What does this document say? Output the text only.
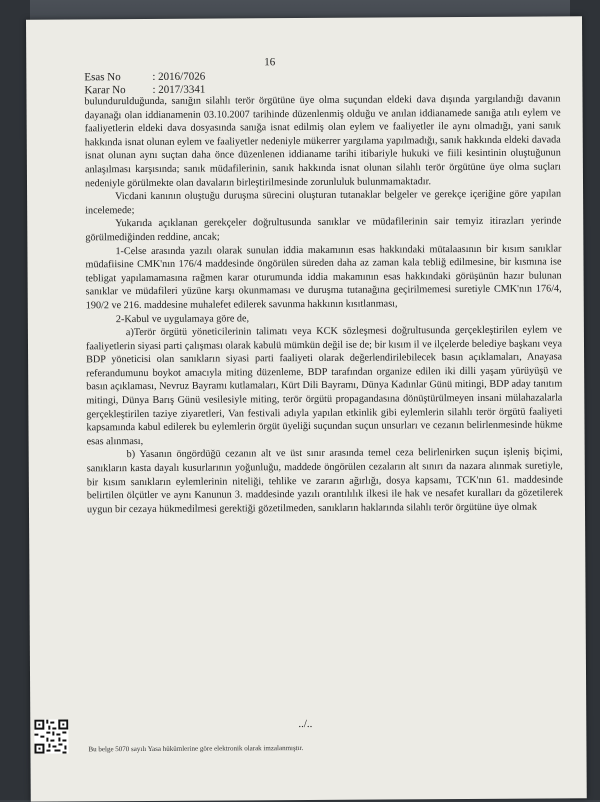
16
Esas No	: 2016/7026
Karar No : 2017/3341

bulundurulduğunda, sanığın silahlı terör örgütüne üye olma suçundan eldeki dava dışında yargılandığı davanın dayanağı olan iddianamenin 03.10.2007 tarihinde düzenlenmiş olduğu ve anılan iddianamede sanığa atılı eylem ve faaliyetlerin eldeki dava dosyasında sanığa isnat edilmiş olan eylem ve faaliyetler ile aynı olmadığı, yani sanık hakkında isnat olunan eylem ve faaliyetler nedeniyle mükerrer yargılama yapılmadığı, sanık hakkında eldeki davada isnat olunan aynı suçtan daha önce düzenlenen iddianame tarihi itibariyle hukuki ve fiili kesintinin oluştuğunun anlaşılması karşısında; sanık müdafilerinin, sanık hakkında isnat olunan silahlı terör örgütüne üye olma suçları nedeniyle görülmekte olan davaların birleştirilmesinde zorunluluk bulunmamaktadır.

Vicdani kanının oluştuğu duruşma sürecini oluşturan tutanaklar belgeler ve gerekçe içeriğine göre yapılan incelemede;

Yukarıda açıklanan gerekçeler doğrultusunda sanıklar ve müdafilerinin sair temyiz itirazları yerinde görülmediğinden reddine, ancak;

1-Celse arasında yazılı olarak sunulan iddia makamının esas hakkındaki mütalaasının bir kısım sanıklar müdafiisine CMK'nın 176/4 maddesinde öngörülen süreden daha az zaman kala tebliğ edilmesine, bir kısmına ise tebligat yapılamamasına rağmen karar oturumunda iddia makamının esas hakkındaki görüşünün hazır bulunan sanıklar ve müdafileri yüzüne karşı okunmaması ve duruşma tutanağına geçirilmemesi suretiyle CMK'nın 176/4, 190/2 ve 216. maddesine muhalefet edilerek savunma hakkının kısıtlanması,

2-Kabul ve uygulamaya göre de,

a)Terör örgütü yöneticilerinin talimatı veya KCK sözleşmesi doğrultusunda gerçekleştirilen eylem ve faaliyetlerin siyasi parti çalışması olarak kabulü mümkün değil ise de; bir kısım il ve ilçelerde belediye başkanı veya BDP yöneticisi olan sanıkların siyasi parti faaliyeti olarak değerlendirilebilecek basın açıklamaları, Anayasa referandumunu boykot amacıyla miting düzenleme, BDP tarafından organize edilen iki dilli yaşam yürüyüşü ve basın açıklaması, Nevruz Bayramı kutlamaları, Kürt Dili Bayramı, Dünya Kadınlar Günü mitingi, BDP aday tanıtım mitingi, Dünya Barış Günü vesilesiyle miting, terör örgütü propagandasına dönüştürülmeyen insani mülahazalarla gerçekleştirilen taziye ziyaretleri, Van festivali adıyla yapılan etkinlik gibi eylemlerin silahlı terör örgütü faaliyeti kapsamında kabul edilerek bu eylemlerin örgüt üyeliği suçundan suçun unsurları ve cezanın belirlenmesinde hükme esas alınması,

b) Yasanın öngördüğü cezanın alt ve üst sınır arasında temel ceza belirlenirken suçun işleniş biçimi, sanıkların kasta dayalı kusurlarının yoğunluğu, maddede öngörülen cezaların alt sınırı da nazara alınmak suretiyle, bir kısım sanıkların eylemlerinin niteliği, tehlike ve zararın ağırlığı, dosya kapsamı, TCK'nın 61. maddesinde belirtilen ölçütler ve aynı Kanunun 3. maddesinde yazılı orantılılık ilkesi ile hak ve nesafet kuralları da gözetilerek uygun bir cezaya hükmedilmesi gerektiği gözetilmeden, sanıkların haklarında silahlı terör örgütüne üye olmak

../..
Bu belge 5070 sayılı Yasa hükümlerine göre elektronik olarak imzalanmıştır.
